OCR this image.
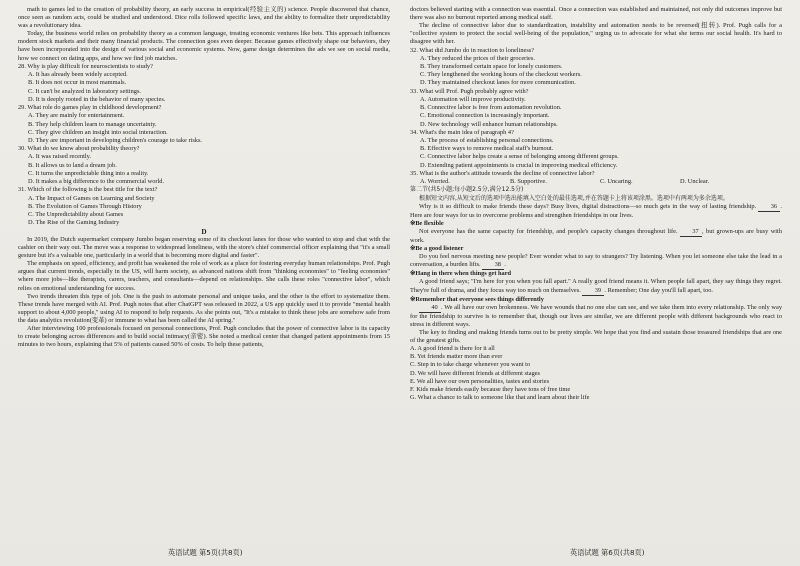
math to games led to the creation of probability theory, an early success in empirical(经验主义的) science. People discovered that chance, once seen as random acts, could be studied and understood. Dice rolls followed specific laws, and the ability to formalize their unpredictability was a revolutionary idea.

Today, the business world relies on probability theory as a common language, treating economic ventures like bets. This approach influences modern stock markets and their many financial products. The connection goes even deeper. Because games effectively shape our behaviors, they have been incorporated into the design of various social and economic systems. Now, game design determines the ads we see on social media, how we connect on dating apps, and how we find job matches.

28. Why is play difficult for neuroscientists to study?

A. It has already been widely accepted.

B. It does not occur in most mammals.

C. It can't be analyzed in laboratory settings.

D. It is deeply rooted in the behavior of many species.

29. What role do games play in childhood development?

A. They are mainly for entertainment.

B. They help children learn to manage uncertainty.

C. They give children an insight into social interaction.

D. They are important in developing children's courage to take risks.

30. What do we know about probability theory?

A. It was raised recently.

B. It allows us to land a dream job.

C. It turns the unpredictable thing into a reality.

D. It makes a big difference to the commercial world.

31. Which of the following is the best title for the text?

A. The Impact of Games on Learning and Society

B. The Evolution of Games Through History

C. The Unpredictability about Games

D. The Rise of the Gaming Industry

D

In 2019, the Dutch supermarket company Jumbo began reserving some of its checkout lanes for those who wanted to stop and chat with the cashier on their way out. The move was a response to widespread loneliness, with the store's chief commercial officer explaining that "it's a small gesture but it's a valuable one, particularly in a world that is becoming more digital and faster".

The emphasis on speed, efficiency, and profit has weakened the role of work as a place for fostering everyday human relationships. Prof. Pugh argues that current trends, especially in the US, will harm society, as advanced nations shift from "thinking economies" to "feeling economies" where more jobs—like therapists, carers, teachers, and consultants—depend on relationships. She calls these roles "connective labor", which relies on emotional understanding for success.

Two trends threaten this type of job. One is the push to automate personal and unique tasks, and the other is the effort to systematize them. These trends have merged with AI. Prof. Pugh notes that after ChatGPT was released in 2022, a US app quickly used it to provide "mental health support to about 4,000 people," using AI to respond to help requests. As she points out, "It's a mistake to think these jobs are somehow safe from the data analytics revolution(变革) or immune to what has been called the AI spring."

After interviewing 100 professionals focused on personal connections, Prof. Pugh concludes that the power of connective labor is its capacity to create belonging across differences and to build social intimacy(亲密). She noted a medical center that changed patient appointments from 15 minutes to two hours, explaining that 5% of patients caused 50% of costs. To help these patients,

doctors believed starting with a connection was essential. Once a connection was established and maintained, not only did outcomes improve but there was also no burnout reported among medical staff.

The decline of connective labor due to standardization, instability and automation needs to be reversed(扭转). Prof. Pugh calls for a "collective system to protect the social well-being of the population," urging us to advocate for what she terms our social health. It's hard to disagree with her.

32. What did Jumbo do in reaction to loneliness?

A. They reduced the prices of their groceries.

B. They transformed certain space for lonely customers.

C. They lengthened the working hours of the checkout workers.

D. They maintained checkout lanes for more communication.

33. What will Prof. Pugh probably agree with?

A. Automation will improve productivity.

B. Connective labor is free from automation revolution.

C. Emotional connection is increasingly important.

D. New technology will enhance human relationships.

34. What's the main idea of paragraph 4?

A. The process of establishing personal connections.

B. Effective ways to remove medical staff's burnout.

C. Connective labor helps create a sense of belonging among different groups.

D. Extending patient appointments is crucial in improving medical efficiency.

35. What is the author's attitude towards the decline of connective labor?

A. Worried.	B. Supportive.	C. Uncaring.	D. Unclear.

第二节(共5小题;每小题2.5分,满分12.5分)

根据短文内容,从短文后的选项中选出能填入空白处的最佳选项,并在答题卡上将该项涂黑。选项中有两项为多余选项。

Why is it so difficult to make friends these days? Busy lives, digital distractions—so much gets in the way of lasting friendship. 36 . Here are four ways for us to overcome problems and strengthen friendships in our lives.

※Be flexible

Not everyone has the same capacity for friendship, and people's capacity changes throughout life. 37 , but grown-ups are busy with work.

※Be a good listener

Do you feel nervous meeting new people? Ever wonder what to say to strangers? Try listening. When you let someone else take the lead in a conversation, a burden lifts. 38 .

※Hang in there when things get hard

A good friend says; "I'm here for you when you fall apart." A really good friend means it. When people fall apart, they say things they regret. They're full of drama, and they focus way too much on themselves. 39 . Remember; One day you'll fall apart, too.

※Remember that everyone sees things differently

40 . We all have our own brokenness. We have wounds that no one else can see, and we take them into every relationship. The only way for the friendship to survive is to remember that, though our lives are similar, we are different people with different backgrounds who react to stress in different ways.

The key to finding and making friends turns out to be pretty simple. We hope that you find and sustain those treasured friendships that are one of the greatest gifts.

A. A good friend is there for it all

B. Yet friends matter more than ever

C. Step in to take charge whenever you want to

D. We will have different friends at different stages

E. We all have our own personalities, tastes and stories

F. Kids make friends easily because they have tons of free time

G. What a chance to talk to someone like that and learn about their life

英语试题 第5页(共8页)	英语试题 第6页(共8页)
